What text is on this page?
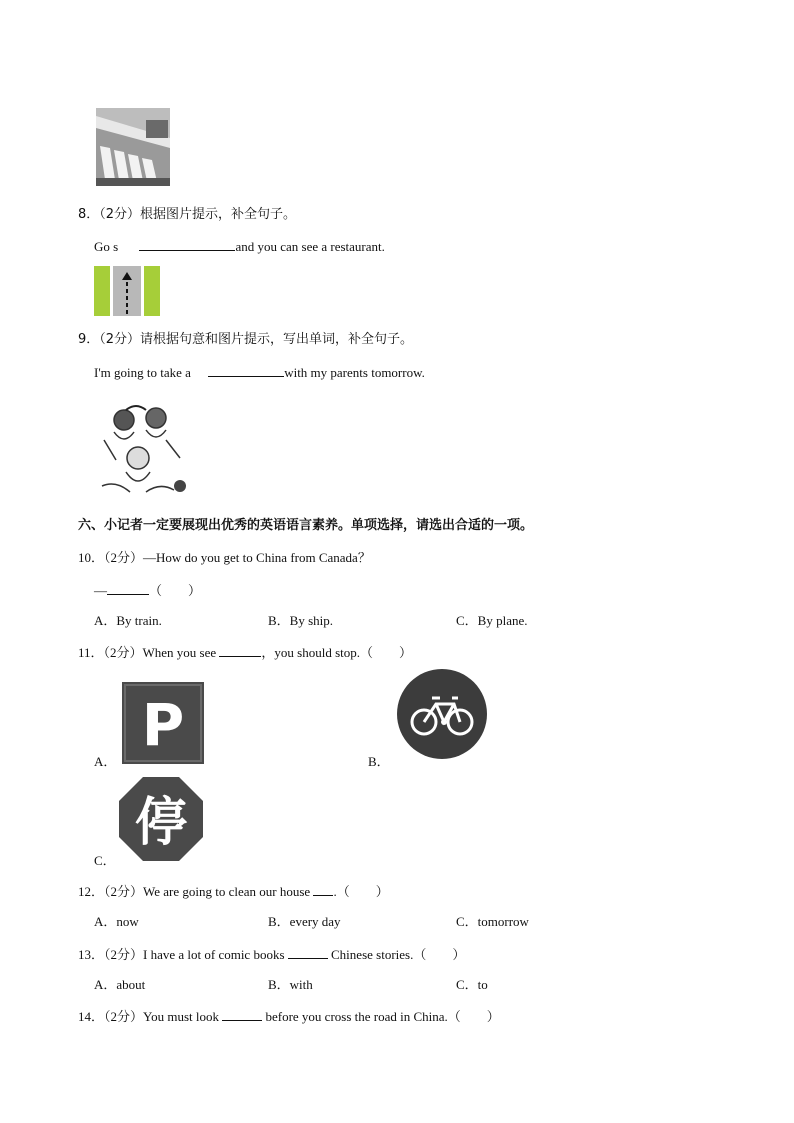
8．（2分）根据图片提示，补全句子。
Go s	and you can see a restaurant.
9．（2分）请根据句意和图片提示，写出单词，补全句子。
I'm going to take a	with my parents tomorrow.
六、小记者一定要展现出优秀的英语语言素养。单项选择，请选出合适的一项。
10．（2分）—How do you get to China from Canada？
—	（　　）
A．By train.	B．By ship.	C．By plane.
11．（2分）When you see	，you should stop.（　　）
A．
P
B．
C．
停
12．（2分）We are going to clean our house .（　　）
A．now	B．every day	C．tomorrow
13．（2分）I have a lot of comic books	Chinese stories.（　　）
A．about	B．with	C．to
14．（2分）You must look	before you cross the road in China.（　　）
